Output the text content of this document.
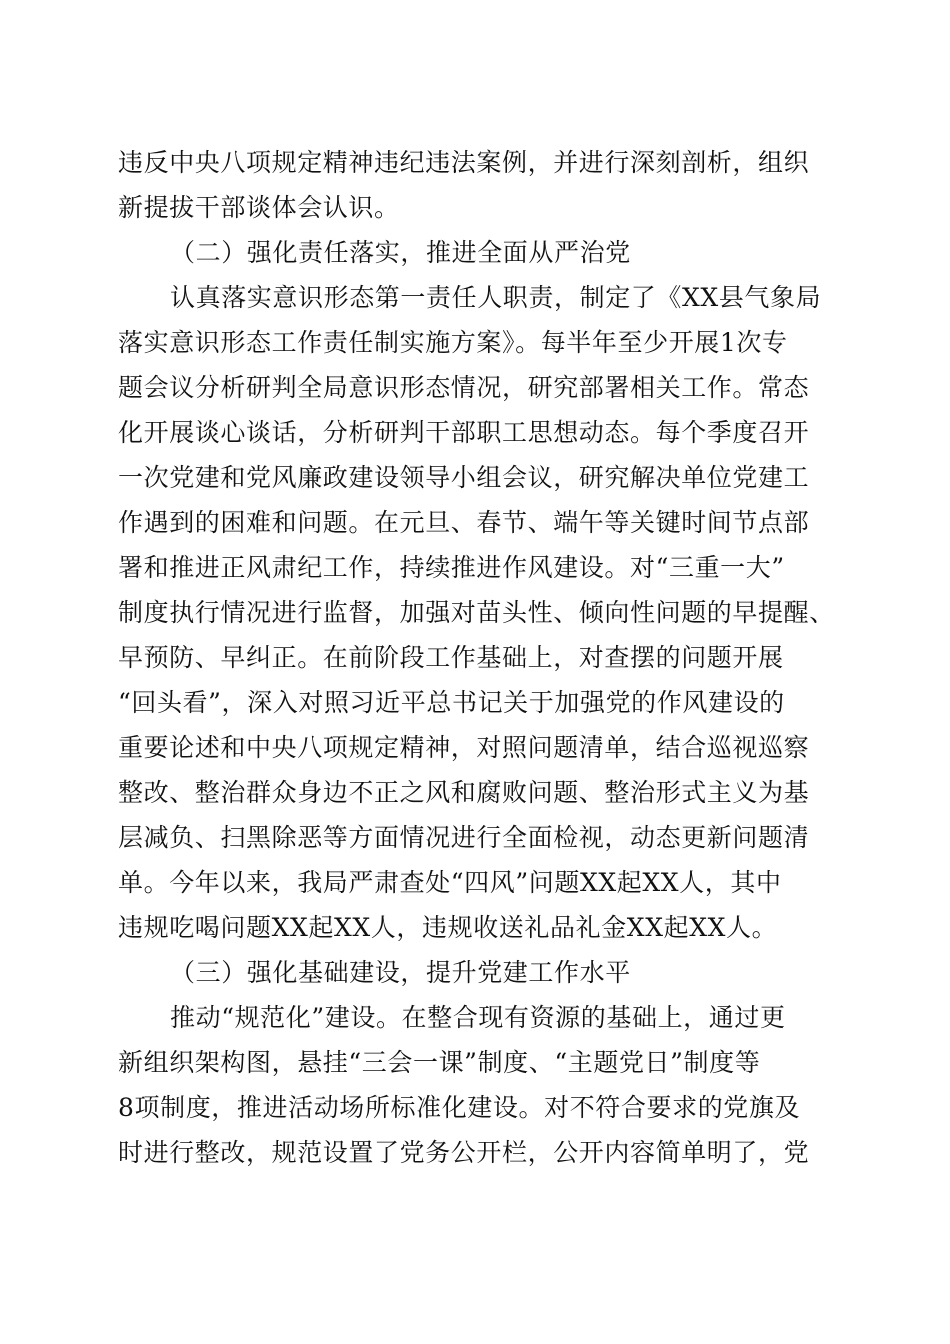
违反中央八项规定精神违纪违法案例，并进行深刻剖析，组织
新提拔干部谈体会认识。
（二）强化责任落实，推进全面从严治党
认真落实意识形态第一责任人职责，制定了《XX县气象局
落实意识形态工作责任制实施方案》。每半年至少开展1次专
题会议分析研判全局意识形态情况，研究部署相关工作。常态
化开展谈心谈话，分析研判干部职工思想动态。每个季度召开
一次党建和党风廉政建设领导小组会议，研究解决单位党建工
作遇到的困难和问题。在元旦、春节、端午等关键时间节点部
署和推进正风肃纪工作，持续推进作风建设。对“三重一大”
制度执行情况进行监督，加强对苗头性、倾向性问题的早提醒、
早预防、早纠正。在前阶段工作基础上，对查摆的问题开展
“回头看”，深入对照习近平总书记关于加强党的作风建设的
重要论述和中央八项规定精神，对照问题清单，结合巡视巡察
整改、整治群众身边不正之风和腐败问题、整治形式主义为基
层减负、扫黑除恶等方面情况进行全面检视，动态更新问题清
单。今年以来，我局严肃查处“四风”问题XX起XX人，其中
违规吃喝问题XX起XX人，违规收送礼品礼金XX起XX人。
（三）强化基础建设，提升党建工作水平
推动“规范化”建设。在整合现有资源的基础上，通过更
新组织架构图，悬挂“三会一课”制度、“主题党日”制度等
8项制度，推进活动场所标准化建设。对不符合要求的党旗及
时进行整改，规范设置了党务公开栏，公开内容简单明了，党
